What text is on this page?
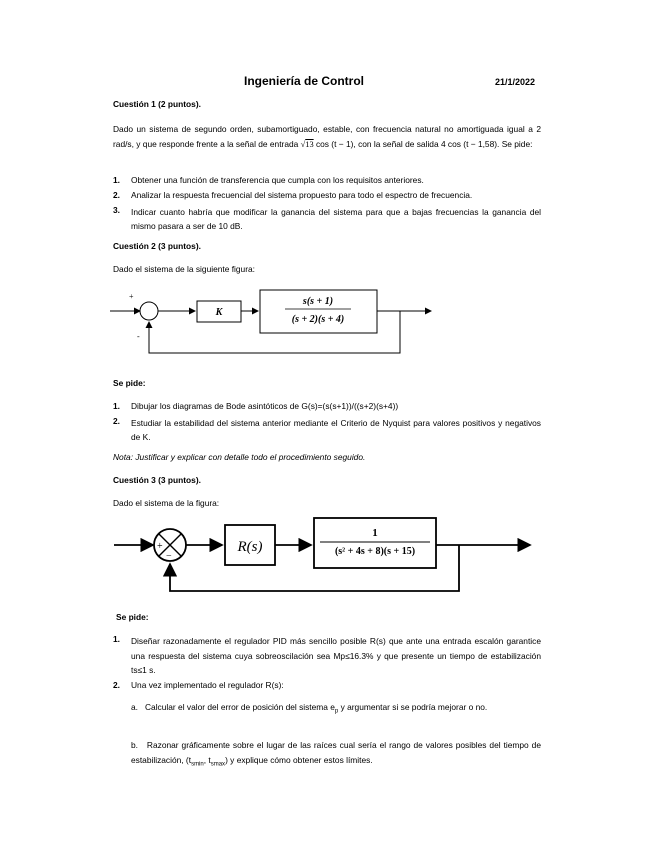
Ingeniería de Control	21/1/2022
Cuestión 1 (2 puntos).
Dado un sistema de segundo orden, subamortiguado, estable, con frecuencia natural no amortiguada igual a 2 rad/s, y que responde frente a la señal de entrada √13 cos (t − 1), con la señal de salida 4 cos (t − 1,58). Se pide:
1. Obtener una función de transferencia que cumpla con los requisitos anteriores.
2. Analizar la respuesta frecuencial del sistema propuesto para todo el espectro de frecuencia.
3. Indicar cuanto habría que modificar la ganancia del sistema para que a bajas frecuencias la ganancia del mismo pasara a ser de 10 dB.
Cuestión 2 (3 puntos).
Dado el sistema de la siguiente figura:
+
-
K
s(s + 1)
(s + 2)(s + 4)
Se pide:
1. Dibujar los diagramas de Bode asintóticos de G(s)=(s(s+1))/((s+2)(s+4))
2. Estudiar la estabilidad del sistema anterior mediante el Criterio de Nyquist para valores positivos y negativos de K.
Nota: Justificar y explicar con detalle todo el procedimiento seguido.
Cuestión 3 (3 puntos).
Dado el sistema de la figura:
+
−
R(s)
1
(s² + 4s + 8)(s + 15)
Se pide:
1. Diseñar razonadamente el regulador PID más sencillo posible R(s) que ante una entrada escalón garantice una respuesta del sistema cuya sobreoscilación sea Mp≤16.3% y que presente un tiempo de estabilización ts≤1 s.
2. Una vez implementado el regulador R(s):
a. Calcular el valor del error de posición del sistema $e_p$ y argumentar si se podría mejorar o no.
b. Razonar gráficamente sobre el lugar de las raíces cual sería el rango de valores posibles del tiempo de estabilización, ($t_{smin}$, $t_{smax}$) y explique cómo obtener estos límites.
